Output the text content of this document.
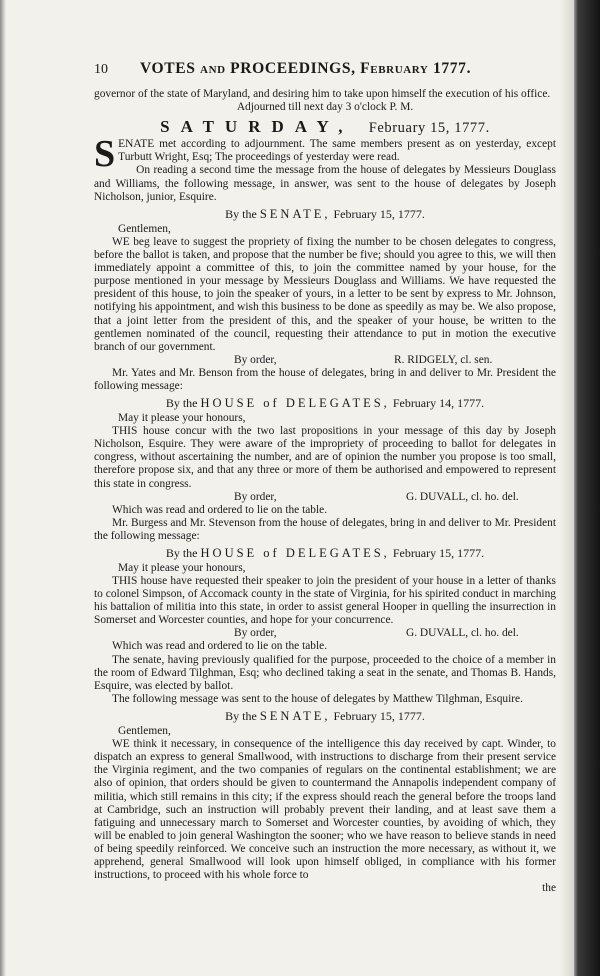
10 VOTES and PROCEEDINGS, February 1777.

governor of the state of Maryland, and desiring him to take upon himself the execution of his office.

Adjourned till next day 3 o'clock P. M.

SATURDAY, February 15, 1777.

SENATE met according to adjournment. The same members present as on yesterday, except Turbutt Wright, Esq; The proceedings of yesterday were read.

On reading a second time the message from the house of delegates by Messieurs Douglass and Williams, the following message, in answer, was sent to the house of delegates by Joseph Nicholson, junior, Esquire.

By the SENATE, February 15, 1777.

Gentlemen,

WE beg leave to suggest the propriety of fixing the number to be chosen delegates to congress, before the ballot is taken, and propose that the number be five; should you agree to this, we will then immediately appoint a committee of this, to join the committee named by your house, for the purpose mentioned in your message by Messieurs Douglass and Williams. We have requested the president of this house, to join the speaker of yours, in a letter to be sent by express to Mr. Johnson, notifying his appointment, and wish this business to be done as speedily as may be. We also propose, that a joint letter from the president of this, and the speaker of your house, be written to the gentlemen nominated of the council, requesting their attendance to put in motion the executive branch of our government.

By order,	R. RIDGELY, cl. sen.

Mr. Yates and Mr. Benson from the house of delegates, bring in and deliver to Mr. President the following message:

By the HOUSE of DELEGATES, February 14, 1777.

May it please your honours,

THIS house concur with the two last propositions in your message of this day by Joseph Nicholson, Esquire. They were aware of the impropriety of proceeding to ballot for delegates in congress, without ascertaining the number, and are of opinion the number you propose is too small, therefore propose six, and that any three or more of them be authorised and empowered to represent this state in congress.

By order,	G. DUVALL, cl. ho. del.

Which was read and ordered to lie on the table.

Mr. Burgess and Mr. Stevenson from the house of delegates, bring in and deliver to Mr. President the following message:

By the HOUSE of DELEGATES, February 15, 1777.

May it please your honours,

THIS house have requested their speaker to join the president of your house in a letter of thanks to colonel Simpson, of Accomack county in the state of Virginia, for his spirited conduct in marching his battalion of militia into this state, in order to assist general Hooper in quelling the insurrection in Somerset and Worcester counties, and hope for your concurrence.

By order,	G. DUVALL, cl. ho. del.

Which was read and ordered to lie on the table.

The senate, having previously qualified for the purpose, proceeded to the choice of a member in the room of Edward Tilghman, Esq; who declined taking a seat in the senate, and Thomas B. Hands, Esquire, was elected by ballot.

The following message was sent to the house of delegates by Matthew Tilghman, Esquire.

By the SENATE, February 15, 1777.

Gentlemen,

WE think it necessary, in consequence of the intelligence this day received by capt. Winder, to dispatch an express to general Smallwood, with instructions to discharge from their present service the Virginia regiment, and the two companies of regulars on the continental establishment; we are also of opinion, that orders should be given to countermand the Annapolis independent company of militia, which still remains in this city; if the express should reach the general before the troops land at Cambridge, such an instruction will probably prevent their landing, and at least save them a fatiguing and unnecessary march to Somerset and Worcester counties, by avoiding of which, they will be enabled to join general Washington the sooner; who we have reason to believe stands in need of being speedily reinforced. We conceive such an instruction the more necessary, as without it, we apprehend, general Smallwood will look upon himself obliged, in compliance with his former instructions, to proceed with his whole force to

the
